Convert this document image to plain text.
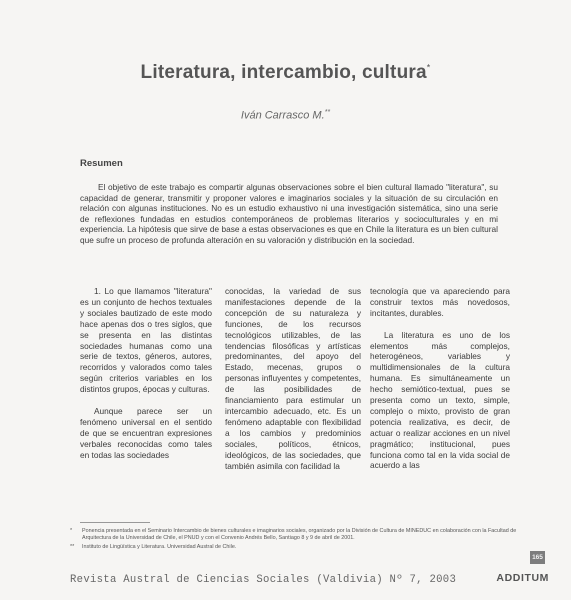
Literatura, intercambio, cultura*
Iván Carrasco M.**
Resumen

El objetivo de este trabajo es compartir algunas observaciones sobre el bien cultural llamado "literatura", su capacidad de generar, transmitir y proponer valores e imaginarios sociales y la situación de su circulación en relación con algunas instituciones. No es un estudio exhaustivo ni una investigación sistemática, sino una serie de reflexiones fundadas en estudios contemporáneos de problemas literarios y socioculturales y en mi experiencia. La hipótesis que sirve de base a estas observaciones es que en Chile la literatura es un bien cultural que sufre un proceso de profunda alteración en su valoración y distribución en la sociedad.

1. Lo que llamamos "literatura" es un conjunto de hechos textuales y sociales bautizado de este modo hace apenas dos o tres siglos, que se presenta en las distintas sociedades humanas como una serie de textos, géneros, autores, recorridos y valorados como tales según criterios variables en los distintos grupos, épocas y culturas.

Aunque parece ser un fenómeno universal en el sentido de que se encuentran expresiones verbales reconocidas como tales en todas las sociedades

conocidas, la variedad de sus manifestaciones depende de la concepción de su naturaleza y funciones, de los recursos tecnológicos utilizables, de las tendencias filosóficas y artísticas predominantes, del apoyo del Estado, mecenas, grupos o personas influyentes y competentes, de las posibilidades de financiamiento para estimular un intercambio adecuado, etc. Es un fenómeno adaptable con flexibilidad a los cambios y predominios sociales, políticos, étnicos, ideológicos, de las sociedades, que también asimila con facilidad la

tecnología que va apareciendo para construir textos más novedosos, incitantes, durables.

La literatura es uno de los elementos más complejos, heterogéneos, variables y multidimensionales de la cultura humana. Es simultáneamente un hecho semiótico-textual, pues se presenta como un texto, simple, complejo o mixto, provisto de gran potencia realizativa, es decir, de actuar o realizar acciones en un nivel pragmático; institucional, pues funciona como tal en la vida social de acuerdo a las

* Ponencia presentada en el Seminario Intercambio de bienes culturales e imaginarios sociales, organizado por la División de Cultura de MINEDUC en colaboración con la Facultad de Arquitectura de la Universidad de Chile, el PNUD y con el Convenio Andrés Bello, Santiago 8 y 9 de abril de 2001.
** Instituto de Lingüística y Literatura. Universidad Austral de Chile.
165
Revista Austral de Ciencias Sociales (Valdivia) Nº 7, 2003	ADDITUM
